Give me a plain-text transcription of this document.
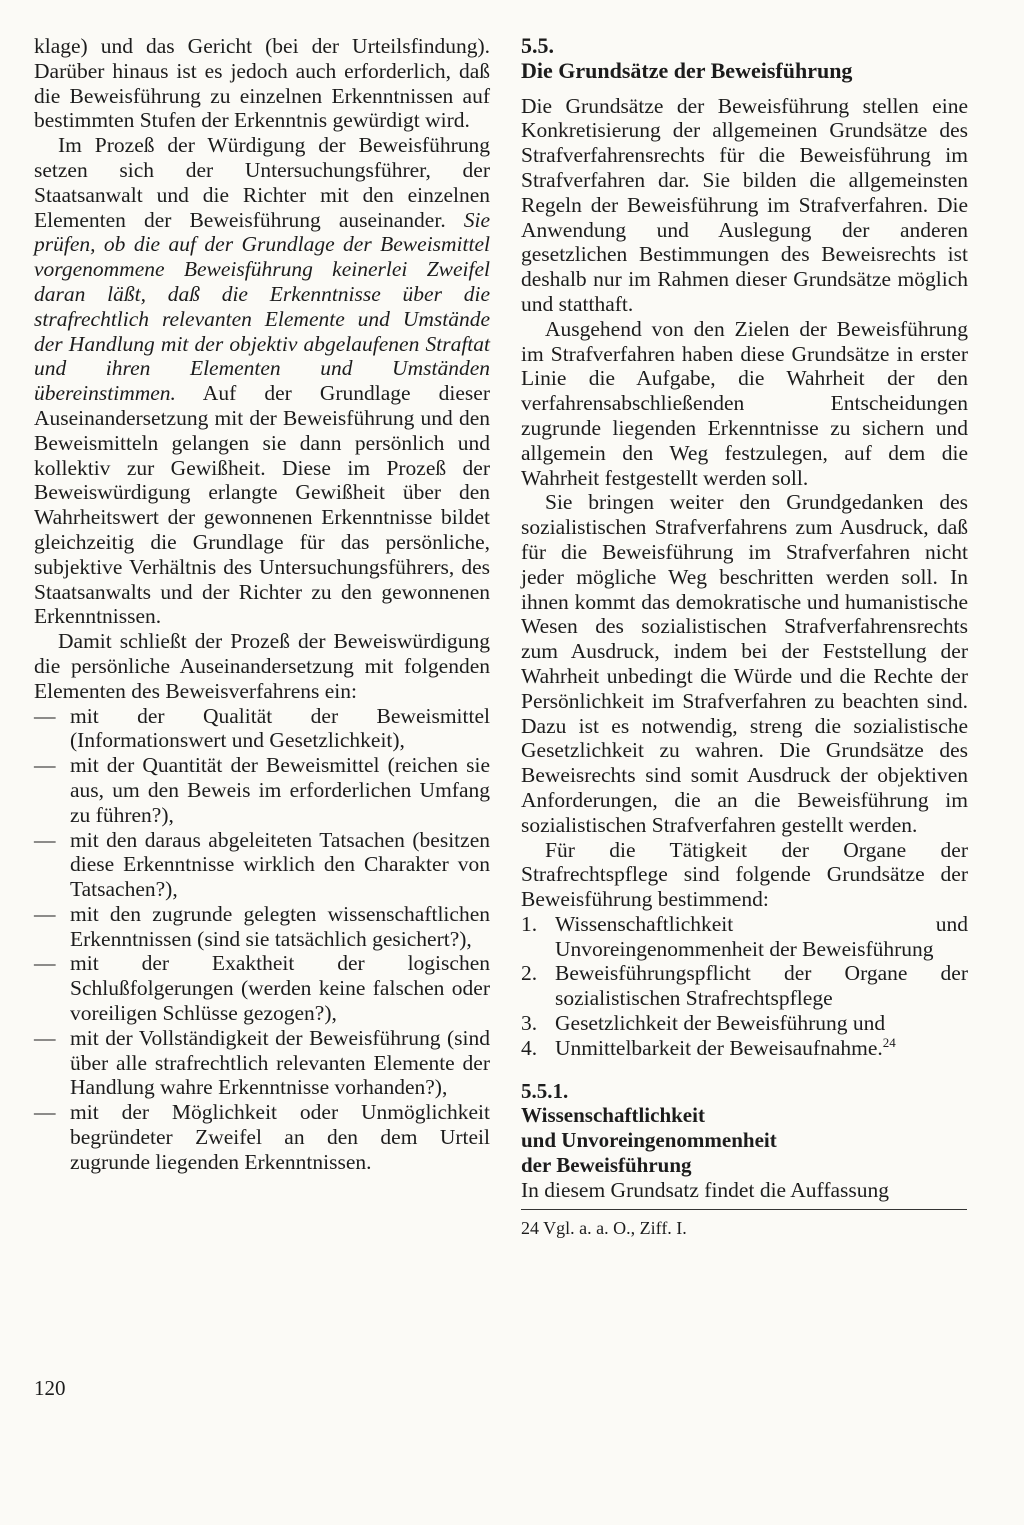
klage) und das Gericht (bei der Urteilsfindung). Darüber hinaus ist es jedoch auch erforderlich, daß die Beweisführung zu einzelnen Erkenntnissen auf bestimmten Stufen der Erkenntnis gewürdigt wird.

Im Prozeß der Würdigung der Beweisführung setzen sich der Untersuchungsführer, der Staatsanwalt und die Richter mit den einzelnen Elementen der Beweisführung auseinander. Sie prüfen, ob die auf der Grundlage der Beweismittel vorgenommene Beweisführung keinerlei Zweifel daran läßt, daß die Erkenntnisse über die strafrechtlich relevanten Elemente und Umstände der Handlung mit der objektiv abgelaufenen Straftat und ihren Elementen und Umständen übereinstimmen. Auf der Grundlage dieser Auseinandersetzung mit der Beweisführung und den Beweismitteln gelangen sie dann persönlich und kollektiv zur Gewißheit. Diese im Prozeß der Beweiswürdigung erlangte Gewißheit über den Wahrheitswert der gewonnenen Erkenntnisse bildet gleichzeitig die Grundlage für das persönliche, subjektive Verhältnis des Untersuchungsführers, des Staatsanwalts und der Richter zu den gewonnenen Erkenntnissen.

Damit schließt der Prozeß der Beweiswürdigung die persönliche Auseinandersetzung mit folgenden Elementen des Beweisverfahrens ein:

— mit der Qualität der Beweismittel (Informationswert und Gesetzlichkeit),
— mit der Quantität der Beweismittel (reichen sie aus, um den Beweis im erforderlichen Umfang zu führen?),
— mit den daraus abgeleiteten Tatsachen (besitzen diese Erkenntnisse wirklich den Charakter von Tatsachen?),
— mit den zugrunde gelegten wissenschaftlichen Erkenntnissen (sind sie tatsächlich gesichert?),
— mit der Exaktheit der logischen Schlußfolgerungen (werden keine falschen oder voreiligen Schlüsse gezogen?),
— mit der Vollständigkeit der Beweisführung (sind über alle strafrechtlich relevanten Elemente der Handlung wahre Erkenntnisse vorhanden?),
— mit der Möglichkeit oder Unmöglichkeit begründeter Zweifel an den dem Urteil zugrunde liegenden Erkenntnissen.

5.5.

Die Grundsätze der Beweisführung

Die Grundsätze der Beweisführung stellen eine Konkretisierung der allgemeinen Grundsätze des Strafverfahrensrechts für die Beweisführung im Strafverfahren dar. Sie bilden die allgemeinsten Regeln der Beweisführung im Strafverfahren. Die Anwendung und Auslegung der anderen gesetzlichen Bestimmungen des Beweisrechts ist deshalb nur im Rahmen dieser Grundsätze möglich und statthaft.

Ausgehend von den Zielen der Beweisführung im Strafverfahren haben diese Grundsätze in erster Linie die Aufgabe, die Wahrheit der den verfahrensabschließenden Entscheidungen zugrunde liegenden Erkenntnisse zu sichern und allgemein den Weg festzulegen, auf dem die Wahrheit festgestellt werden soll.

Sie bringen weiter den Grundgedanken des sozialistischen Strafverfahrens zum Ausdruck, daß für die Beweisführung im Strafverfahren nicht jeder mögliche Weg beschritten werden soll. In ihnen kommt das demokratische und humanistische Wesen des sozialistischen Strafverfahrensrechts zum Ausdruck, indem bei der Feststellung der Wahrheit unbedingt die Würde und die Rechte der Persönlichkeit im Strafverfahren zu beachten sind. Dazu ist es notwendig, streng die sozialistische Gesetzlichkeit zu wahren. Die Grundsätze des Beweisrechts sind somit Ausdruck der objektiven Anforderungen, die an die Beweisführung im sozialistischen Strafverfahren gestellt werden.

Für die Tätigkeit der Organe der Strafrechtspflege sind folgende Grundsätze der Beweisführung bestimmend:

1. Wissenschaftlichkeit und Unvoreingenommenheit der Beweisführung
2. Beweisführungspflicht der Organe der sozialistischen Strafrechtspflege
3. Gesetzlichkeit der Beweisführung und
4. Unmittelbarkeit der Beweisaufnahme.$^{24}$

5.5.1.

Wissenschaftlichkeit

und Unvoreingenommenheit

der Beweisführung

In diesem Grundsatz findet die Auffassung

24 Vgl. a. a. O., Ziff. I.

120
